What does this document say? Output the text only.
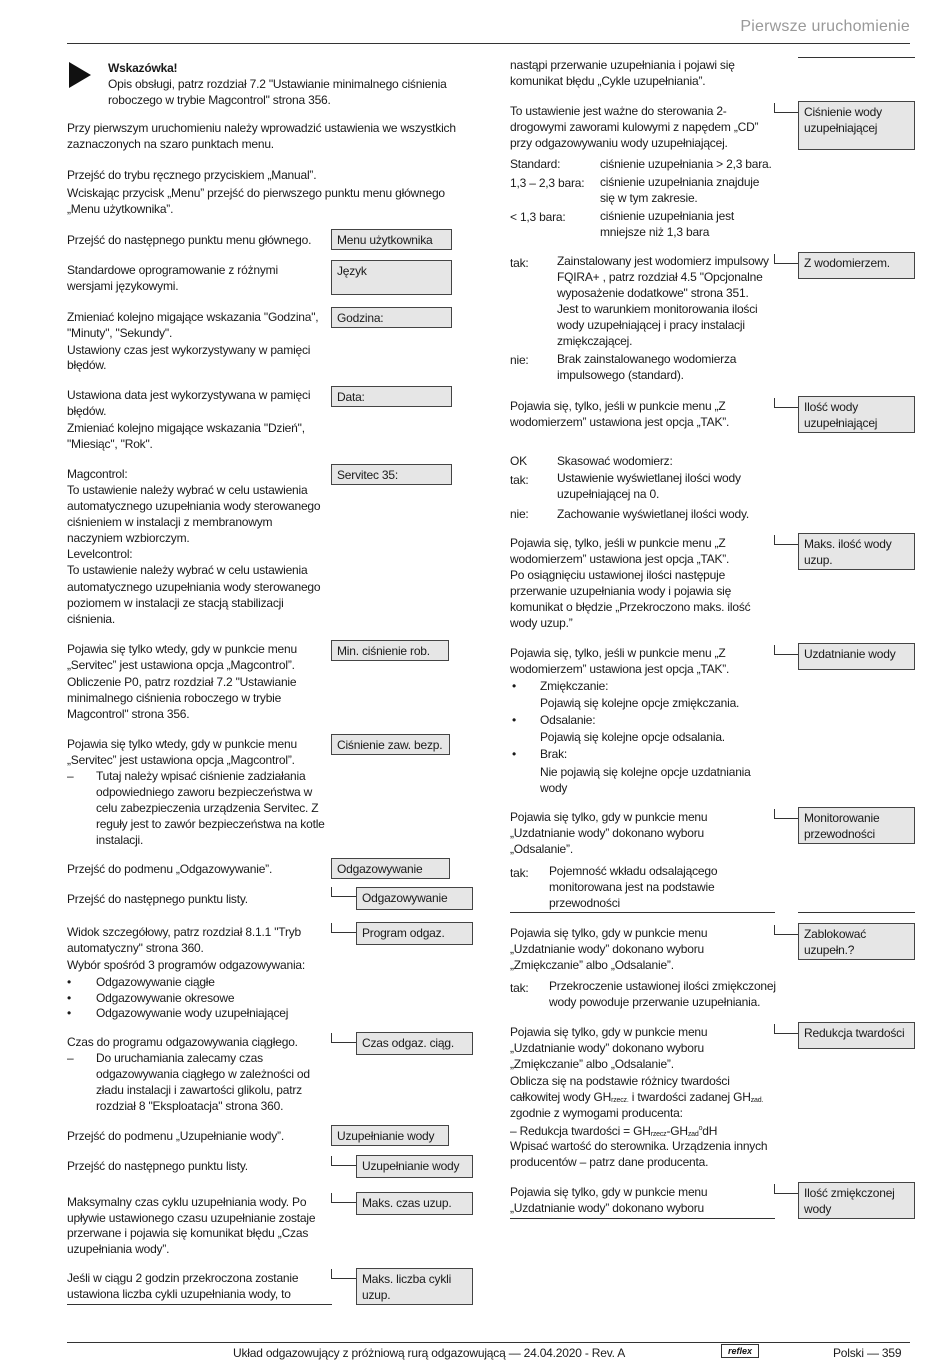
Pierwsze uruchomienie
Wskazówka!
Opis obsługi, patrz rozdział 7.2 "Ustawianie minimalnego ciśnienia
roboczego w trybie Magcontrol" strona 356.
Przy pierwszym uruchomieniu należy wprowadzić ustawienia we wszystkich
zaznaczonych na szaro punktach menu.
Przejść do trybu ręcznego przyciskiem „Manual”.
Wciskając przycisk „Menu” przejść do pierwszego punktu menu głównego
„Menu użytkownika”.
Przejść do następnego punktu menu głównego.	Menu użytkownika
Standardowe oprogramowanie z różnymi
wersjami językowymi.
Język
Zmieniać kolejno migające wskazania "Godzina",
"Minuty", "Sekundy".
Ustawiony czas jest wykorzystywany w pamięci
błędów.
Godzina:
Ustawiona data jest wykorzystywana w pamięci
błędów.
Zmieniać kolejno migające wskazania "Dzień",
"Miesiąc", "Rok".
Data:
Magcontrol:
To ustawienie należy wybrać w celu ustawienia
automatycznego uzupełniania wody sterowanego
ciśnieniem w instalacji z membranowym
naczyniem wzbiorczym.
Levelcontrol:
To ustawienie należy wybrać w celu ustawienia
automatycznego uzupełniania wody sterowanego
poziomem w instalacji ze stacją stabilizacji
ciśnienia.
Servitec 35:
Pojawia się tylko wtedy, gdy w punkcie menu
„Servitec” jest ustawiona opcja „Magcontrol”.
Obliczenie P0, patrz rozdział 7.2 "Ustawianie
minimalnego ciśnienia roboczego w trybie
Magcontrol" strona 356.
Min. ciśnienie rob.
Pojawia się tylko wtedy, gdy w punkcie menu
„Servitec” jest ustawiona opcja „Magcontrol”.
– Tutaj należy wpisać ciśnienie zadziałania
odpowiedniego zaworu bezpieczeństwa w
celu zabezpieczenia urządzenia Servitec. Z
reguły jest to zawór bezpieczeństwa na kotle
instalacji.
Ciśnienie zaw. bezp.
Przejść do podmenu „Odgazowywanie”.	Odgazowywanie
Przejść do następnego punktu listy.	Odgazowywanie
Widok szczegółowy, patrz rozdział 8.1.1 "Tryb
automatyczny" strona 360.
Wybór spośród 3 programów odgazowywania:
• Odgazowywanie ciągłe
• Odgazowywanie okresowe
• Odgazowywanie wody uzupełniającej
Program odgaz.
Czas do programu odgazowywania ciągłego.
– Do uruchamiania zalecamy czas
odgazowywania ciągłego w zależności od
zładu instalacji i zawartości glikolu, patrz
rozdział 8 "Eksploatacja" strona 360.
Czas odgaz. ciąg.
Przejść do podmenu „Uzupełnianie wody”.	Uzupełnianie wody
Przejść do następnego punktu listy.	Uzupełnianie wody
Maksymalny czas cyklu uzupełniania wody. Po
upływie ustawionego czasu uzupełnianie zostaje
przerwane i pojawia się komunikat błędu „Czas
uzupełniania wody”.
Maks. czas uzup.
Jeśli w ciągu 2 godzin przekroczona zostanie
ustawiona liczba cykli uzupełniania wody, to
Maks. liczba cykli
uzup.
nastąpi przerwanie uzupełniania i pojawi się
komunikat błędu „Cykle uzupełniania”.
To ustawienie jest ważne do sterowania 2-
drogowymi zaworami kulowymi z napędem „CD”
przy odgazowywaniu wody uzupełniającej.
Standard:	ciśnienie uzupełniania > 2,3 bara.
1,3 – 2,3 bara: ciśnienie uzupełniania znajduje
się w tym zakresie.
< 1,3 bara:	ciśnienie uzupełniania jest
mniejsze niż 1,3 bara
Ciśnienie wody
uzupełniającej
tak: Zainstalowany jest wodomierz impulsowy
FQIRA+ , patrz rozdział 4.5 "Opcjonalne
wyposażenie dodatkowe" strona 351.
Jest to warunkiem monitorowania ilości
wody uzupełniającej i pracy instalacji
zmiękczającej.
nie: Brak zainstalowanego wodomierza
impulsowego (standard).
Z wodomierzem.
Pojawia się, tylko, jeśli w punkcie menu „Z
wodomierzem” ustawiona jest opcja „TAK”.
Ilość wody
uzupełniającej
OK	Skasować wodomierz:
tak: Ustawienie wyświetlanej ilości wody
uzupełniającej na 0.
nie: Zachowanie wyświetlanej ilości wody.
Pojawia się, tylko, jeśli w punkcie menu „Z
wodomierzem” ustawiona jest opcja „TAK”.
Po osiągnięciu ustawionej ilości następuje
przerwanie uzupełniania wody i pojawia się
komunikat o błędzie „Przekroczono maks. ilość
wody uzup.”
Maks. ilość wody
uzup.
Pojawia się, tylko, jeśli w punkcie menu „Z
wodomierzem” ustawiona jest opcja „TAK”.
• Zmiękczanie:
Pojawią się kolejne opcje zmiękczania.
• Odsalanie:
Pojawią się kolejne opcje odsalania.
• Brak:
Nie pojawią się kolejne opcje uzdatniania
wody
Uzdatnianie wody
Pojawia się tylko, gdy w punkcie menu
„Uzdatnianie wody” dokonano wyboru
„Odsalanie”.
tak: Pojemność wkładu odsalającego
monitorowana jest na podstawie
przewodności
Monitorowanie
przewodności
Pojawia się tylko, gdy w punkcie menu
„Uzdatnianie wody” dokonano wyboru
„Zmiękczanie” albo „Odsalanie”.
tak: Przekroczenie ustawionej ilości zmiękczonej
wody powoduje przerwanie uzupełniania.
Zablokować
uzupełn.?
Pojawia się tylko, gdy w punkcie menu
„Uzdatnianie wody” dokonano wyboru
„Zmiękczanie” albo „Odsalanie”.
Oblicza się na podstawie różnicy twardości
całkowitej wody GHrzecz. i twardości zadanej GHzad.
zgodnie z wymogami producenta:
– Redukcja twardości = GHrzecz-GHzad$^o$dH
Wpisać wartość do sterownika. Urządzenia innych
producentów – patrz dane producenta.
Redukcja twardości
Pojawia się tylko, gdy w punkcie menu
„Uzdatnianie wody” dokonano wyboru
Ilość zmiękczonej
wody
Układ odgazowujący z próżniową rurą odgazowującą — 24.04.2020 - Rev. A	reflex	Polski — 359
